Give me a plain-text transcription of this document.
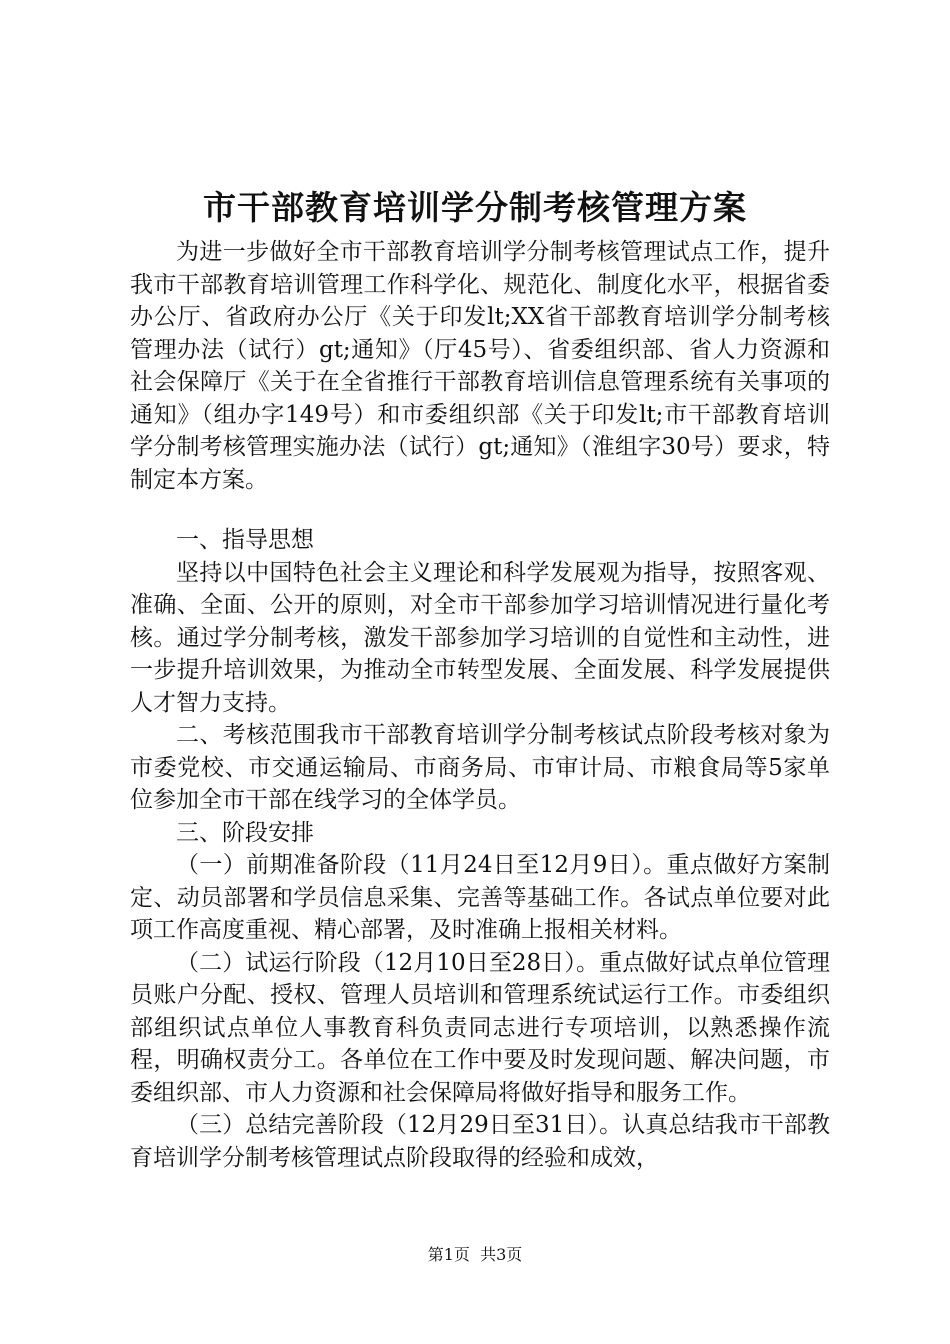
市干部教育培训学分制考核管理方案

为进一步做好全市干部教育培训学分制考核管理试点工作，提升我市干部教育培训管理工作科学化、规范化、制度化水平，根据省委办公厅、省政府办公厅《关于印发lt;XX省干部教育培训学分制考核管理办法（试行）gt;通知》（厅45号）、省委组织部、省人力资源和社会保障厅《关于在全省推行干部教育培训信息管理系统有关事项的通知》（组办字149号）和市委组织部《关于印发lt;市干部教育培训学分制考核管理实施办法（试行）gt;通知》（淮组字30号）要求，特制定本方案。

一、指导思想

坚持以中国特色社会主义理论和科学发展观为指导，按照客观、准确、全面、公开的原则，对全市干部参加学习培训情况进行量化考核。通过学分制考核，激发干部参加学习培训的自觉性和主动性，进一步提升培训效果，为推动全市转型发展、全面发展、科学发展提供人才智力支持。

二、考核范围我市干部教育培训学分制考核试点阶段考核对象为市委党校、市交通运输局、市商务局、市审计局、市粮食局等5家单位参加全市干部在线学习的全体学员。

三、阶段安排

（一）前期准备阶段（11月24日至12月9日）。重点做好方案制定、动员部署和学员信息采集、完善等基础工作。各试点单位要对此项工作高度重视、精心部署，及时准确上报相关材料。

（二）试运行阶段（12月10日至28日）。重点做好试点单位管理员账户分配、授权、管理人员培训和管理系统试运行工作。市委组织部组织试点单位人事教育科负责同志进行专项培训，以熟悉操作流程，明确权责分工。各单位在工作中要及时发现问题、解决问题，市委组织部、市人力资源和社会保障局将做好指导和服务工作。

（三）总结完善阶段（12月29日至31日）。认真总结我市干部教育培训学分制考核管理试点阶段取得的经验和成效，

第1页 共3页
